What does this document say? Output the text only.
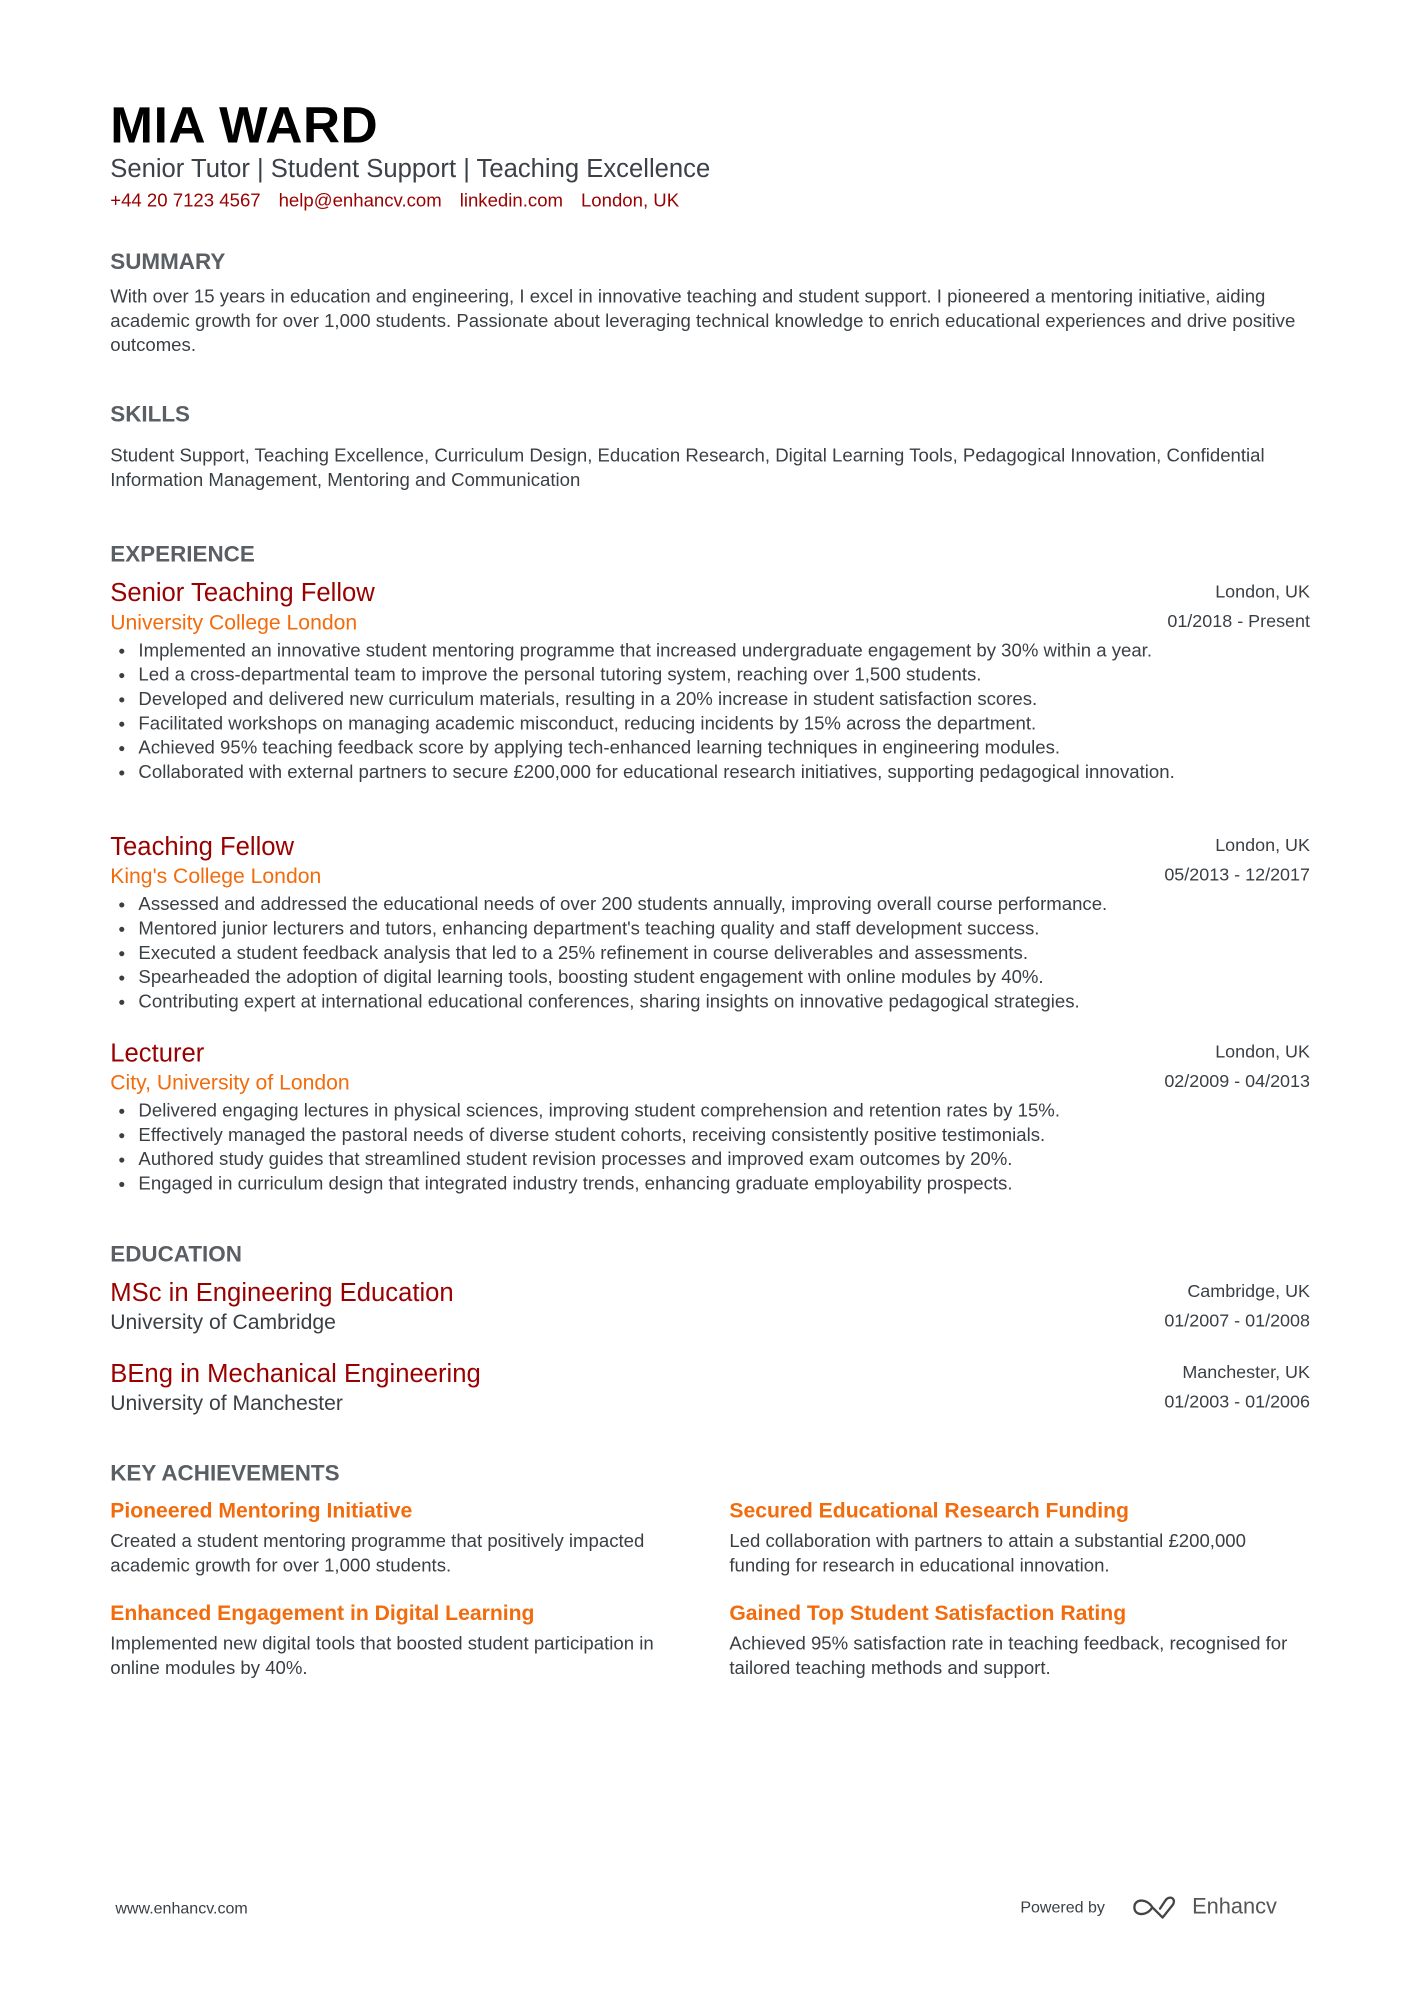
MIA WARD
Senior Tutor | Student Support | Teaching Excellence
+44 20 7123 4567 help@enhancv.com linkedin.com London, UK
SUMMARY
With over 15 years in education and engineering, I excel in innovative teaching and student support. I pioneered a mentoring initiative, aiding academic growth for over 1,000 students. Passionate about leveraging technical knowledge to enrich educational experiences and drive positive outcomes.
SKILLS
Student Support, Teaching Excellence, Curriculum Design, Education Research, Digital Learning Tools, Pedagogical Innovation, Confidential Information Management, Mentoring and Communication
EXPERIENCE
London, UK
01/2018 - Present
Senior Teaching Fellow
University College London
• Implemented an innovative student mentoring programme that increased undergraduate engagement by 30% within a year.
• Led a cross-departmental team to improve the personal tutoring system, reaching over 1,500 students.
• Developed and delivered new curriculum materials, resulting in a 20% increase in student satisfaction scores.
• Facilitated workshops on managing academic misconduct, reducing incidents by 15% across the department.
• Achieved 95% teaching feedback score by applying tech-enhanced learning techniques in engineering modules.
• Collaborated with external partners to secure £200,000 for educational research initiatives, supporting pedagogical innovation.
London, UK
05/2013 - 12/2017
Teaching Fellow
King's College London
• Assessed and addressed the educational needs of over 200 students annually, improving overall course performance.
• Mentored junior lecturers and tutors, enhancing department's teaching quality and staff development success.
• Executed a student feedback analysis that led to a 25% refinement in course deliverables and assessments.
• Spearheaded the adoption of digital learning tools, boosting student engagement with online modules by 40%.
• Contributing expert at international educational conferences, sharing insights on innovative pedagogical strategies.
London, UK
02/2009 - 04/2013
Lecturer
City, University of London
• Delivered engaging lectures in physical sciences, improving student comprehension and retention rates by 15%.
• Effectively managed the pastoral needs of diverse student cohorts, receiving consistently positive testimonials.
• Authored study guides that streamlined student revision processes and improved exam outcomes by 20%.
• Engaged in curriculum design that integrated industry trends, enhancing graduate employability prospects.
EDUCATION
Cambridge, UK
01/2007 - 01/2008
MSc in Engineering Education
University of Cambridge
Manchester, UK
01/2003 - 01/2006
BEng in Mechanical Engineering
University of Manchester
KEY ACHIEVEMENTS
Pioneered Mentoring Initiative
Created a student mentoring programme that positively impacted academic growth for over 1,000 students.
Secured Educational Research Funding
Led collaboration with partners to attain a substantial £200,000 funding for research in educational innovation.
Enhanced Engagement in Digital Learning
Implemented new digital tools that boosted student participation in online modules by 40%.
Gained Top Student Satisfaction Rating
Achieved 95% satisfaction rate in teaching feedback, recognised for tailored teaching methods and support.
www.enhancv.com	Powered by	Enhancv
